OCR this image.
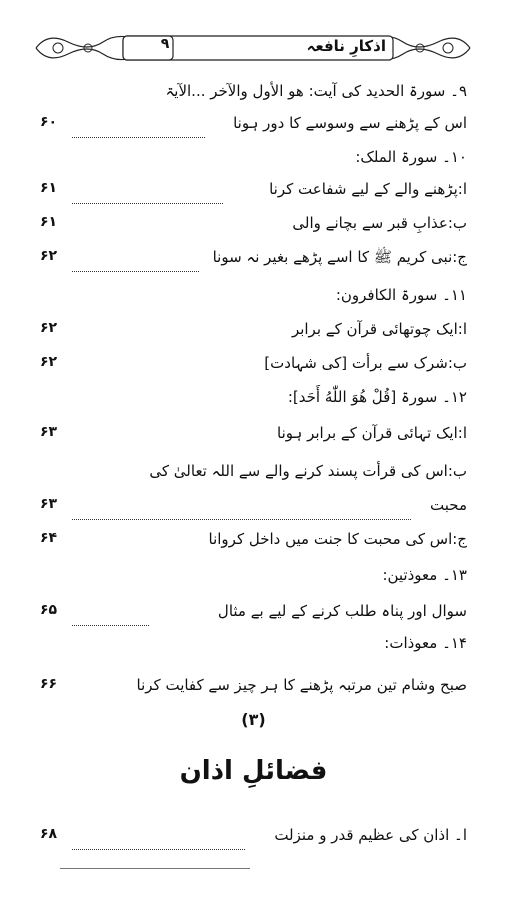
۹	اذکارِ نافعہ
۹۔ سورۃ الحدید کی آیت: ھو الأول والآخر ...الآیۃ
اس کے پڑھنے سے وسوسے کا دور ہونا
۶۰
۱۰۔ سورۃ الملک:
ا:پڑھنے والے کے لیے شفاعت کرنا
۶۱
ب:عذابِ قبر سے بچانے والی
۶۱
ج:نبی کریم ﷺ کا اسے پڑھے بغیر نہ سونا
۶۲
۱۱۔ سورۃ الکافرون:
ا:ایک چوتھائی قرآن کے برابر
۶۲
ب:شرک سے برأت [کی شہادت]
۶۲
۱۲۔ سورۃ [قُلْ هُوَ اللّٰهُ أَحَد]:
ا:ایک تہائی قرآن کے برابر ہونا
۶۳
ب:اس کی قرأت پسند کرنے والے سے اللہ تعالیٰ کی
محبت
۶۳
ج:اس کی محبت کا جنت میں داخل کروانا
۶۴
۱۳۔ معوذتین:
سوال اور پناہ طلب کرنے کے لیے بے مثال
۶۵
۱۴۔ معوذات:
صبح وشام تین مرتبہ پڑھنے کا ہر چیز سے کفایت کرنا
۶۶
(۳)
فضائلِ اذان
ا۔ اذان کی عظیم قدر و منزلت
۶۸
